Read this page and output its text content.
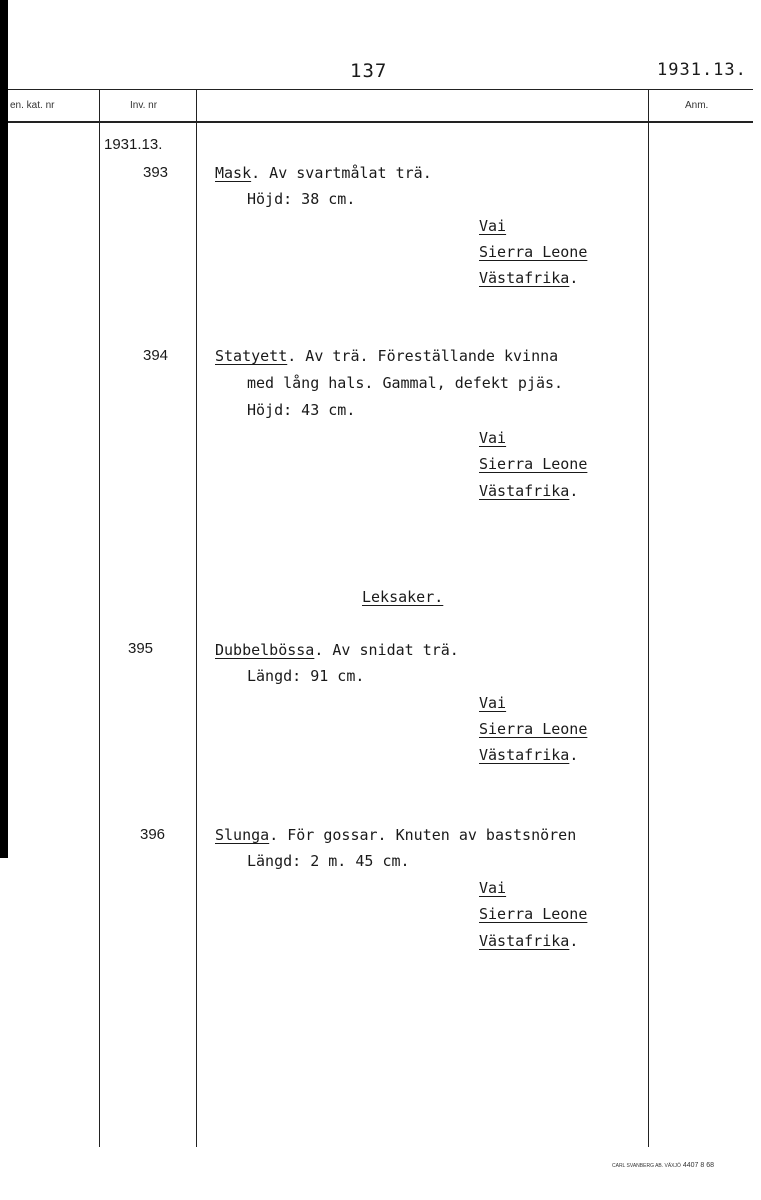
137	1931.13.
en. kat. nr	Inv. nr	Anm.
1931.13.
393	Mask. Av svartmålat trä.
Höjd: 38 cm.
Vai
Sierra Leone
Västafrika.
394	Statyett. Av trä. Föreställande kvinna
med lång hals. Gammal, defekt pjäs.
Höjd: 43 cm.
Vai
Sierra Leone
Västafrika.
Leksaker.
395	Dubbelbössa. Av snidat trä.
Längd: 91 cm.
Vai
Sierra Leone
Västafrika.
396	Slunga. För gossar. Knuten av bastsnören
Längd: 2 m. 45 cm.
Vai
Sierra Leone
Västafrika.
CARL SVANBERG AB. VÄXJÖ 4407 8 68
